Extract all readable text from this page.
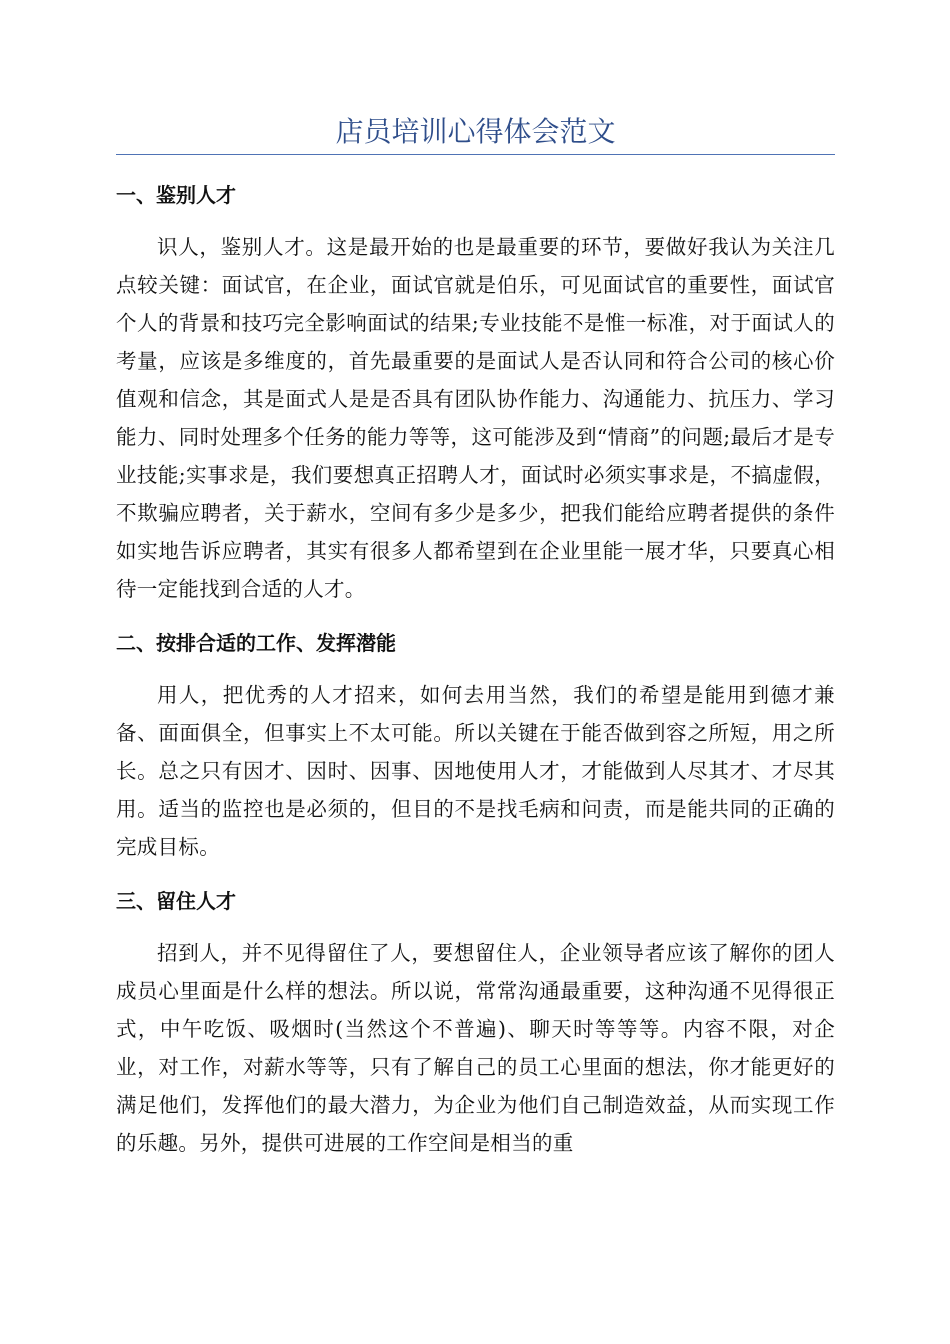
店员培训心得体会范文
一、鉴别人才

识人，鉴别人才。这是最开始的也是最重要的环节，要做好我认为关注几点较关键：面试官，在企业，面试官就是伯乐，可见面试官的重要性，面试官个人的背景和技巧完全影响面试的结果;专业技能不是惟一标准，对于面试人的考量，应该是多维度的，首先最重要的是面试人是否认同和符合公司的核心价值观和信念，其是面式人是是否具有团队协作能力、沟通能力、抗压力、学习能力、同时处理多个任务的能力等等，这可能涉及到“情商”的问题;最后才是专业技能;实事求是，我们要想真正招聘人才，面试时必须实事求是，不搞虚假，不欺骗应聘者，关于薪水，空间有多少是多少，把我们能给应聘者提供的条件如实地告诉应聘者，其实有很多人都希望到在企业里能一展才华，只要真心相待一定能找到合适的人才。

二、按排合适的工作、发挥潜能

用人，把优秀的人才招来，如何去用当然，我们的希望是能用到德才兼备、面面俱全，但事实上不太可能。所以关键在于能否做到容之所短，用之所长。总之只有因才、因时、因事、因地使用人才，才能做到人尽其才、才尽其用。适当的监控也是必须的，但目的不是找毛病和问责，而是能共同的正确的完成目标。

三、留住人才

招到人，并不见得留住了人，要想留住人，企业领导者应该了解你的团人成员心里面是什么样的想法。所以说，常常沟通最重要，这种沟通不见得很正式，中午吃饭、吸烟时(当然这个不普遍)、聊天时等等等。内容不限，对企业，对工作，对薪水等等，只有了解自己的员工心里面的想法，你才能更好的满足他们，发挥他们的最大潜力，为企业为他们自己制造效益，从而实现工作的乐趣。另外，提供可进展的工作空间是相当的重
